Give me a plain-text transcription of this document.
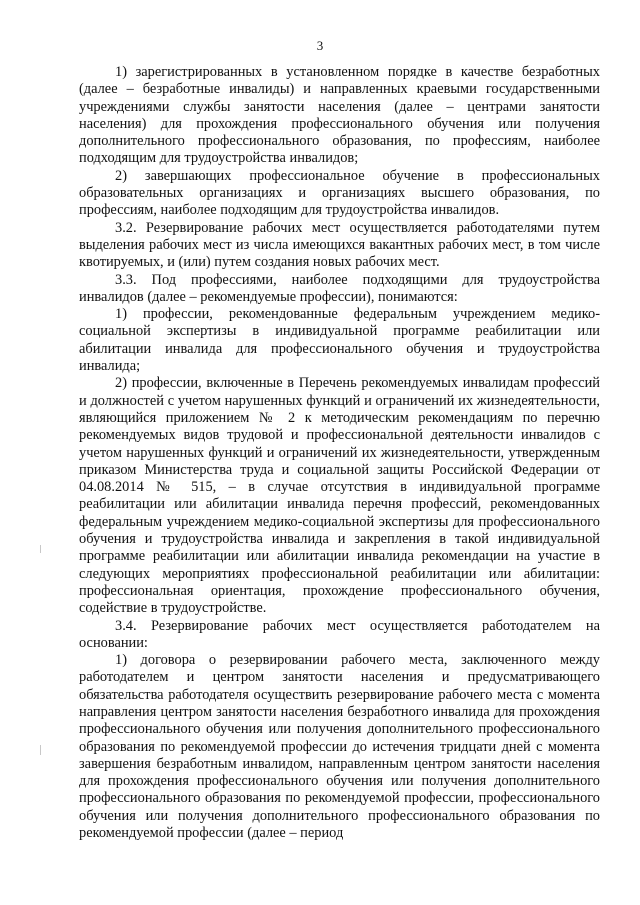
3

1) зарегистрированных в установленном порядке в качестве безработных (далее – безработные инвалиды) и направленных краевыми государственными учреждениями службы занятости населения (далее – центрами занятости населения) для прохождения профессионального обучения или получения дополнительного профессионального образования, по профессиям, наиболее подходящим для трудоустройства инвалидов;

2) завершающих профессиональное обучение в профессиональных образовательных организациях и организациях высшего образования, по профессиям, наиболее подходящим для трудоустройства инвалидов.

3.2. Резервирование рабочих мест осуществляется работодателями путем выделения рабочих мест из числа имеющихся вакантных рабочих мест, в том числе квотируемых, и (или) путем создания новых рабочих мест.

3.3. Под профессиями, наиболее подходящими для трудоустройства инвалидов (далее – рекомендуемые профессии), понимаются:

1) профессии, рекомендованные федеральным учреждением медико-социальной экспертизы в индивидуальной программе реабилитации или абилитации инвалида для профессионального обучения и трудоустройства инвалида;

2) профессии, включенные в Перечень рекомендуемых инвалидам профессий и должностей с учетом нарушенных функций и ограничений их жизнедеятельности, являющийся приложением № 2 к методическим рекомендациям по перечню рекомендуемых видов трудовой и профессиональной деятельности инвалидов с учетом нарушенных функций и ограничений их жизнедеятельности, утвержденным приказом Министерства труда и социальной защиты Российской Федерации от 04.08.2014 № 515, – в случае отсутствия в индивидуальной программе реабилитации или абилитации инвалида перечня профессий, рекомендованных федеральным учреждением медико-социальной экспертизы для профессионального обучения и трудоустройства инвалида и закрепления в такой индивидуальной программе реабилитации или абилитации инвалида рекомендации на участие в следующих мероприятиях профессиональной реабилитации или абилитации: профессиональная ориентация, прохождение профессионального обучения, содействие в трудоустройстве.

3.4. Резервирование рабочих мест осуществляется работодателем на основании:

1) договора о резервировании рабочего места, заключенного между работодателем и центром занятости населения и предусматривающего обязательства работодателя осуществить резервирование рабочего места с момента направления центром занятости населения безработного инвалида для прохождения профессионального обучения или получения дополнительного профессионального образования по рекомендуемой профессии до истечения тридцати дней с момента завершения безработным инвалидом, направленным центром занятости населения для прохождения профессионального обучения или получения дополнительного профессионального образования по рекомендуемой профессии, профессионального обучения или получения дополнительного профессионального образования по рекомендуемой профессии (далее – период
